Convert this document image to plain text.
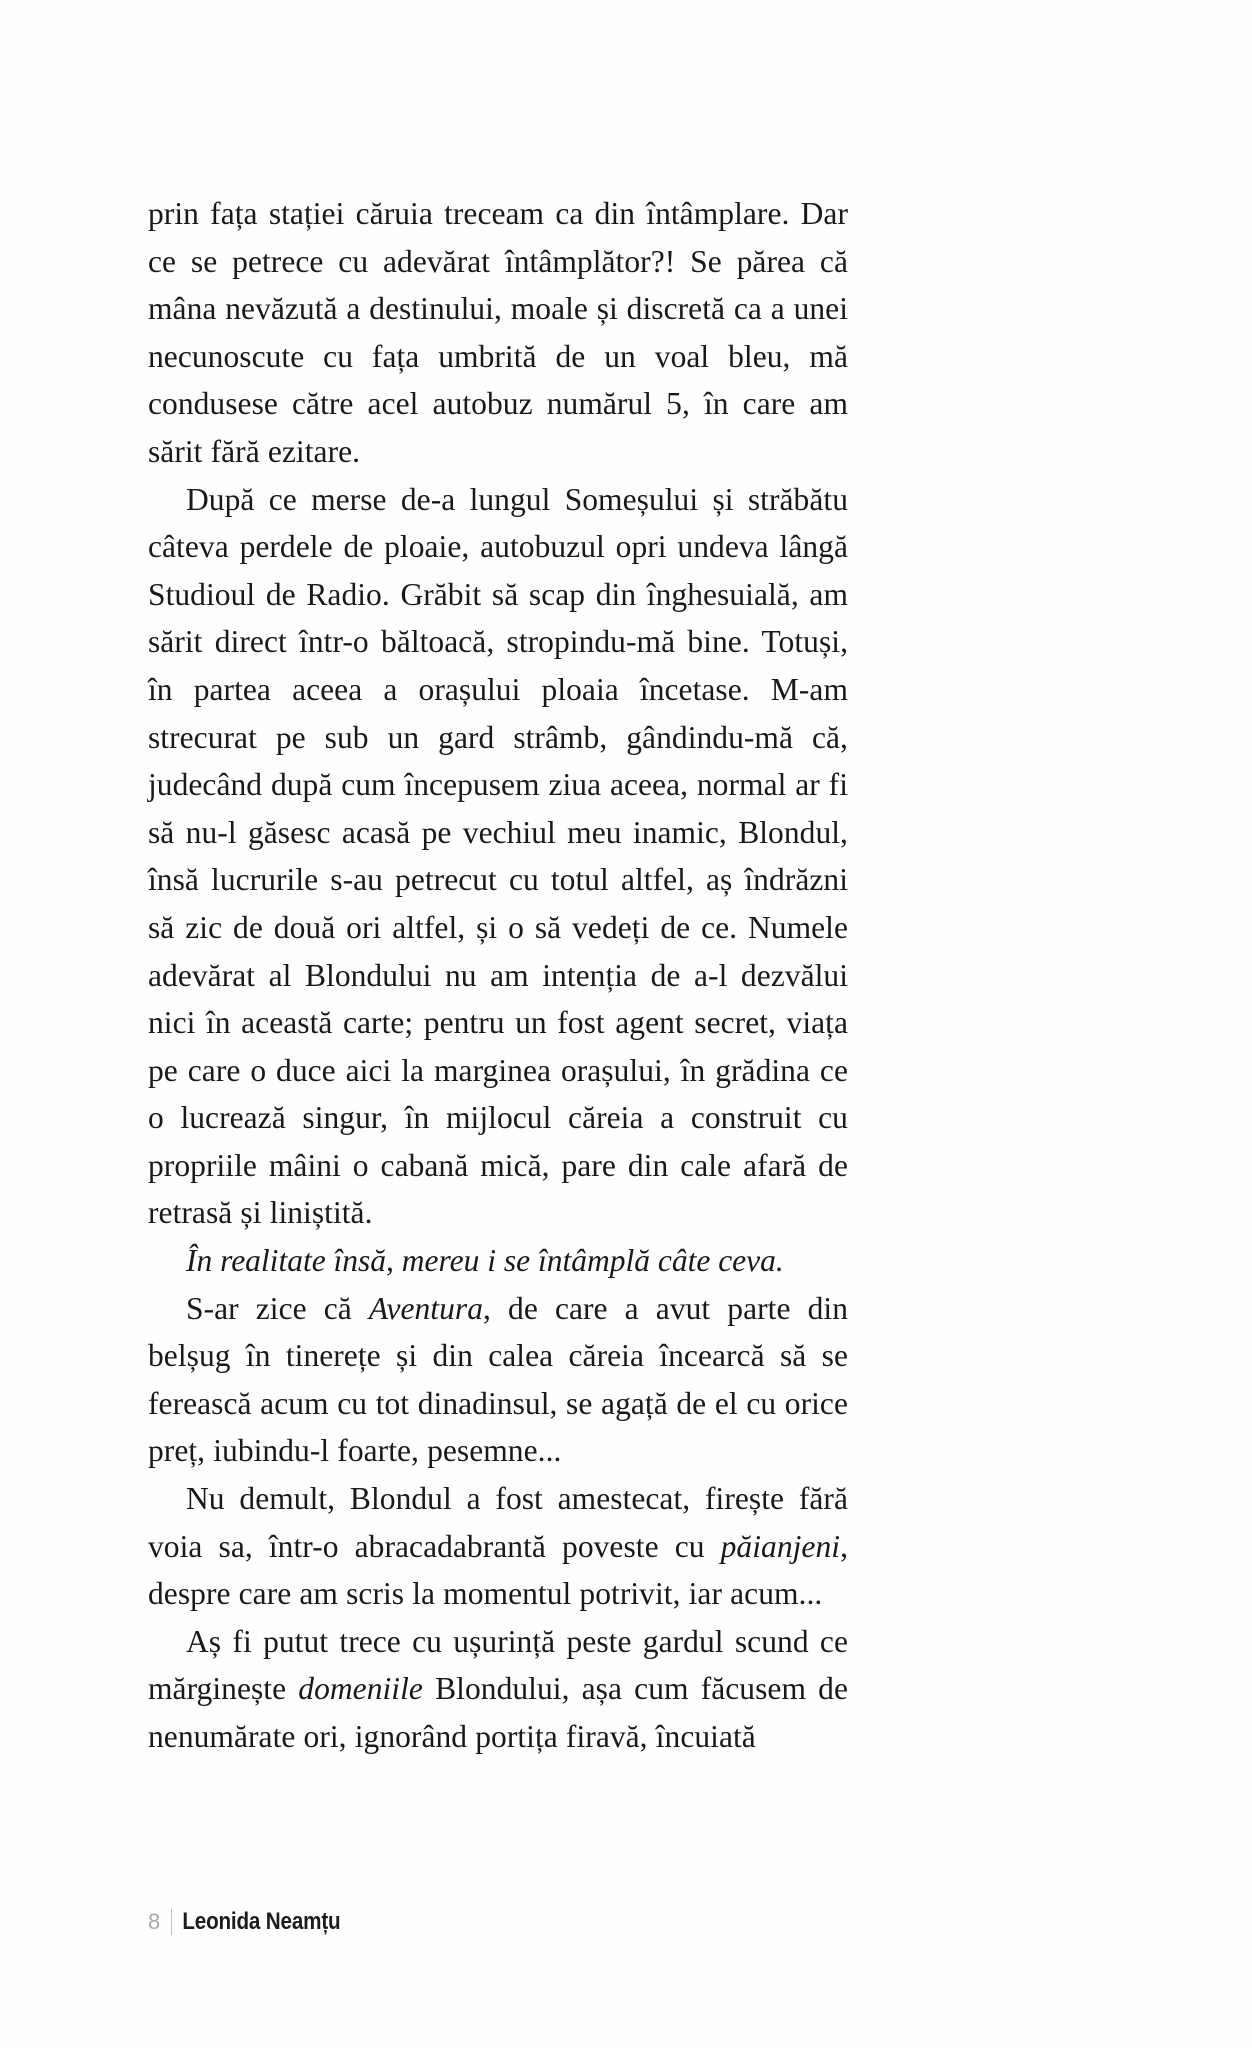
prin fața stației căruia treceam ca din întâmplare. Dar ce se petrece cu adevărat întâmplător?! Se părea că mâna nevăzută a destinului, moale și discretă ca a unei necunoscute cu fața umbrită de un voal bleu, mă condusese către acel autobuz numărul 5, în care am sărit fără ezitare.

După ce merse de-a lungul Someșului și străbătu câteva perdele de ploaie, autobuzul opri undeva lângă Studioul de Radio. Grăbit să scap din înghesuială, am sărit direct într-o băltoacă, stropindu-mă bine. Totuși, în partea aceea a orașului ploaia încetase. M-am strecurat pe sub un gard strâmb, gândindu-mă că, judecând după cum începusem ziua aceea, normal ar fi să nu-l găsesc acasă pe vechiul meu inamic, Blondul, însă lucrurile s-au petrecut cu totul altfel, aș îndrăzni să zic de două ori altfel, și o să vedeți de ce. Numele adevărat al Blondului nu am intenția de a-l dezvălui nici în această carte; pentru un fost agent secret, viața pe care o duce aici la marginea orașului, în grădina ce o lucrează singur, în mijlocul căreia a construit cu propriile mâini o cabană mică, pare din cale afară de retrasă și liniștită.

În realitate însă, mereu i se întâmplă câte ceva.

S-ar zice că Aventura, de care a avut parte din belșug în tinerețe și din calea căreia încearcă să se ferească acum cu tot dinadinsul, se agață de el cu orice preț, iubindu-l foarte, pesemne...

Nu demult, Blondul a fost amestecat, firește fără voia sa, într-o abracadabrantă poveste cu păianjeni, despre care am scris la momentul potrivit, iar acum...

Aș fi putut trece cu ușurință peste gardul scund ce mărginește domeniile Blondului, așa cum făcusem de nenumărate ori, ignorând portița firavă, încuiată

8 Leonida Neamțu
